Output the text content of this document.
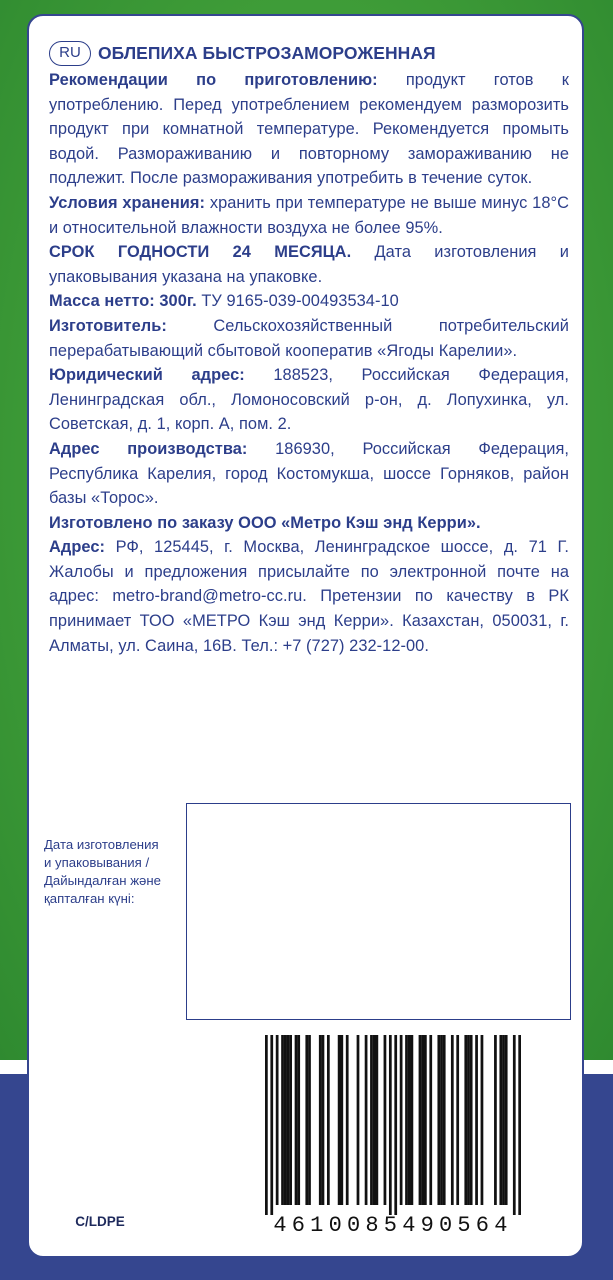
RU ОБЛЕПИХА БЫСТРОЗАМОРОЖЕННАЯ

Рекомендации по приготовлению: продукт готов к употреблению. Перед употреблением рекомендуем разморозить продукт при комнатной температуре. Рекомендуется промыть водой. Размораживанию и повторному замораживанию не подлежит. После размораживания употребить в течение суток.

Условия хранения: хранить при температуре не выше минус 18°С и относительной влажности воздуха не более 95%.

СРОК ГОДНОСТИ 24 МЕСЯЦА. Дата изготовления и упаковывания указана на упаковке.

Масса нетто: 300г. ТУ 9165-039-00493534-10

Изготовитель: Сельскохозяйственный потребительский перерабатывающий сбытовой кооператив «Ягоды Карелии».

Юридический адрес: 188523, Российская Федерация, Ленинградская обл., Ломоносовский р-он, д. Лопухинка, ул. Советская, д. 1, корп. А, пом. 2.

Адрес производства: 186930, Российская Федерация, Республика Карелия, город Костомукша, шоссе Горняков, район базы «Торос».

Изготовлено по заказу ООО «Метро Кэш энд Керри».

Адрес: РФ, 125445, г. Москва, Ленинградское шоссе, д. 71 Г. Жалобы и предложения присылайте по электронной почте на адрес: metro-brand@metro-cc.ru. Претензии по качеству в РК принимает ТОО «МЕТРО Кэш энд Керри». Казахстан, 050031, г. Алматы, ул. Саина, 16В. Тел.: +7 (727) 232-12-00.

Дата изготовления
и упаковывания /
Дайындалған және
қапталған күні:
4610085490564
C/LDPE
